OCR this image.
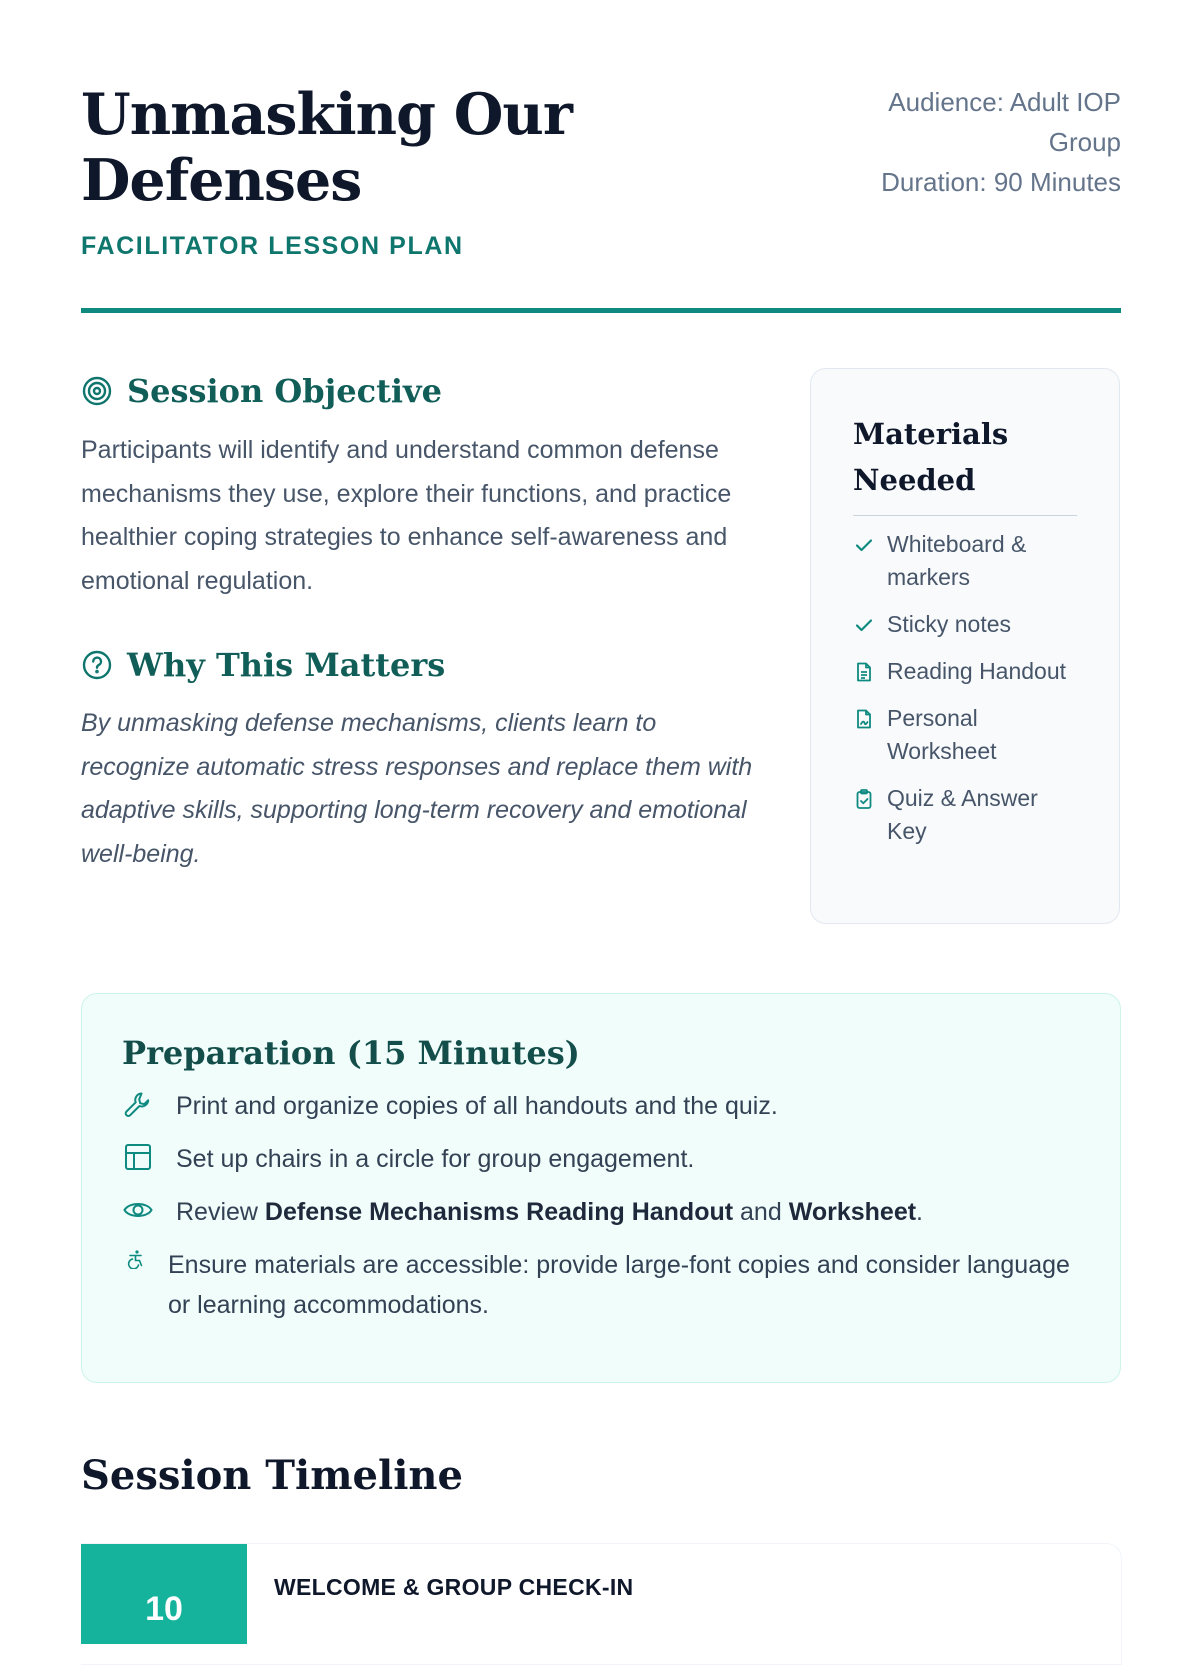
Unmasking Our Defenses
FACILITATOR LESSON PLAN
Audience: Adult IOP Group
Duration: 90 Minutes
Session Objective

Participants will identify and understand common defense mechanisms they use, explore their functions, and practice healthier coping strategies to enhance self-awareness and emotional regulation.

Why This Matters

By unmasking defense mechanisms, clients learn to recognize automatic stress responses and replace them with adaptive skills, supporting long-term recovery and emotional well-being.

Materials Needed
Whiteboard & markers
Sticky notes
Reading Handout
Personal Worksheet
Quiz & Answer Key
Preparation (15 Minutes)
Print and organize copies of all handouts and the quiz.
Set up chairs in a circle for group engagement.
Review Defense Mechanisms Reading Handout and Worksheet.
Ensure materials are accessible: provide large-font copies and consider language or learning accommodations.
Session Timeline
10
WELCOME & GROUP CHECK-IN
